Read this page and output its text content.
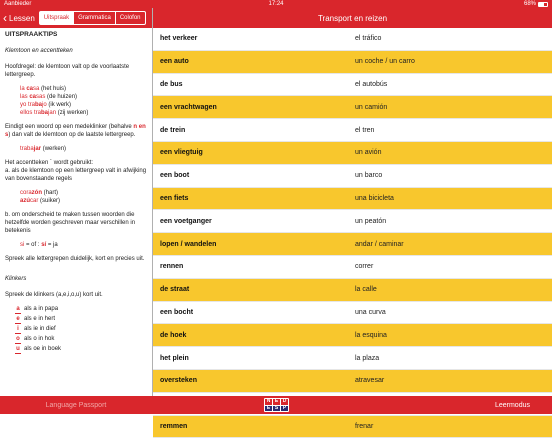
Aanbieder	17:24	68%
‹ Lessen	Uitspraak	Grammatica	Colofon	Transport en reizen
UITSPRAAKTIPS
Klemtoon en accentteken
Hoofdregel: de klemtoon valt op de voorlaatste lettergreep.
la casa (het huis)
las casas (de huizen)
yo trabajo (ik werk)
ellos trabajan (zij werken)
Eindigt een woord op een medeklinker (behalve n en s) dan valt de klemtoon op de laatste lettergreep.
trabajar (werken)
Het accentteken ´ wordt gebruikt:
a. als de klemtoon op een lettergreep valt in afwijking van bovenstaande regels
corazón (hart)
azúcar (suiker)
b. om onderscheid te maken tussen woorden die hetzelfde worden geschreven maar verschillen in betekenis
si = of : sí = ja
Spreek alle lettergrepen duidelijk, kort en precies uit.
Klinkers
Spreek de klinkers (a,e,i,o,u) kort uit.
a als a in papa
e als e in hert
i als ie in dief
o als o in hok
u als oe in boek
het verkeer	el tráfico
een auto	un coche / un carro
de bus	el autobús
een vrachtwagen	un camión
de trein	el tren
een vliegtuig	un avión
een boot	un barco
een fiets	una bicicleta
een voetganger	un peatón
lopen / wandelen	andar / caminar
rennen	correr
de straat	la calle
een bocht	una curva
de hoek	la esquina
het plein	la plaza
oversteken	atravesar
remmen	frenar
Language Passport
N E D
E S P	Leermodus
